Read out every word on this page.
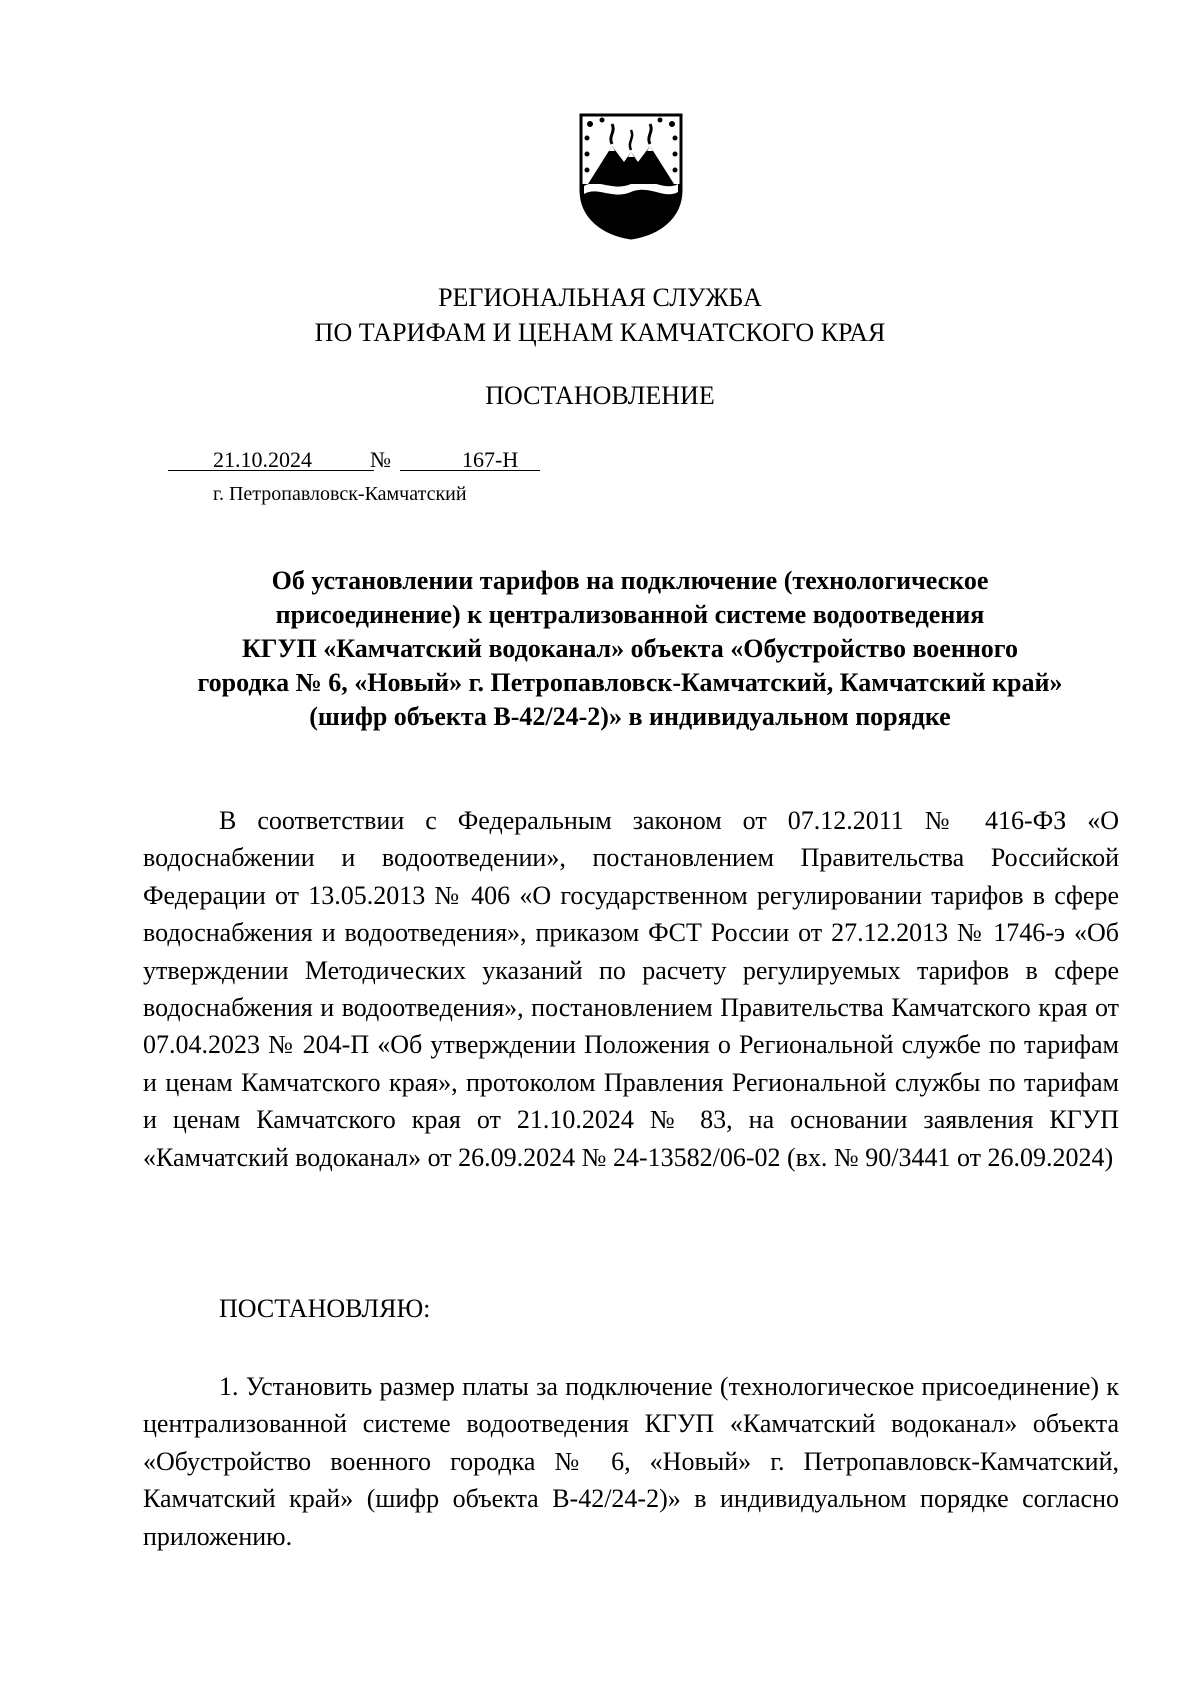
РЕГИОНАЛЬНАЯ СЛУЖБА
ПО ТАРИФАМ И ЦЕНАМ КАМЧАТСКОГО КРАЯ
ПОСТАНОВЛЕНИЕ
21.10.2024	№	167-Н
г. Петропавловск-Камчатский
Об установлении тарифов на подключение (технологическое
присоединение) к централизованной системе водоотведения
КГУП «Камчатский водоканал» объекта «Обустройство военного
городка № 6, «Новый» г. Петропавловск-Камчатский, Камчатский край»
(шифр объекта В-42/24-2)» в индивидуальном порядке
В соответствии с Федеральным законом от 07.12.2011 № 416-ФЗ «О водоснабжении и водоотведении», постановлением Правительства Российской Федерации от 13.05.2013 № 406 «О государственном регулировании тарифов в сфере водоснабжения и водоотведения», приказом ФСТ России от 27.12.2013 № 1746-э «Об утверждении Методических указаний по расчету регулируемых тарифов в сфере водоснабжения и водоотведения», постановлением Правительства Камчатского края от 07.04.2023 № 204-П «Об утверждении Положения о Региональной службе по тарифам и ценам Камчатского края», протоколом Правления Региональной службы по тарифам и ценам Камчатского края от 21.10.2024 № 83, на основании заявления КГУП «Камчатский водоканал» от 26.09.2024 № 24-13582/06-02 (вх. № 90/3441 от 26.09.2024)
ПОСТАНОВЛЯЮ:
1. Установить размер платы за подключение (технологическое присоединение) к централизованной системе водоотведения КГУП «Камчатский водоканал» объекта «Обустройство военного городка № 6, «Новый» г. Петропавловск-Камчатский, Камчатский край» (шифр объекта В-42/24-2)» в индивидуальном порядке согласно приложению.
